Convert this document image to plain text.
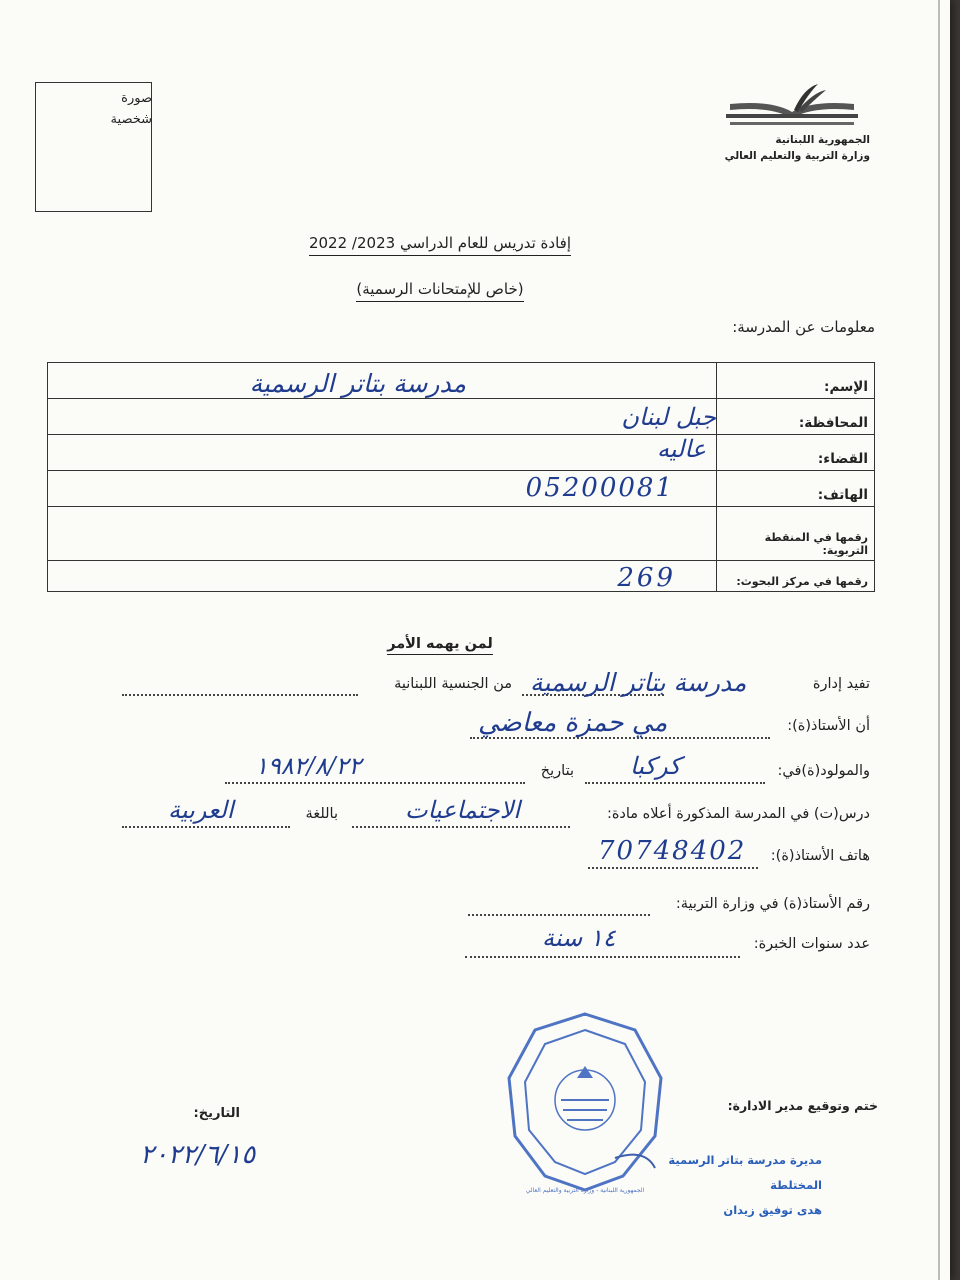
صورة
شخصية
الجمهورية اللبنانية
وزارة التربية والتعليم العالي
إفادة تدريس للعام الدراسي 2023/ 2022
(خاص للإمتحانات الرسمية)
معلومات عن المدرسة:
الإسم:	مدرسة بتاتر الرسمية

المحافظة:	جبل لبنان

القضاء:	عاليه

الهاتف:	05200081

رقمها في المنقطة التربوية:	
رقمها في مركز البحوث:	269
لمن يهمه الأمر
تفيد إدارة
من الجنسية اللبنانية مدرسة بتاتر الرسمية
أن الأستاذ(ة):
مي حمزة معاضي
والمولود(ة)في:
كركبا
بتاريخ
١٩٨٢/٨/٢٢
درس(ت) في المدرسة المذكورة أعلاه مادة:
الاجتماعيات
باللغة
العربية
هاتف الأستاذ(ة):
70748402
رقم الأستاذ(ة) في وزارة التربية:
عدد سنوات الخبرة:
١٤ سنة
الجمهورية اللبنانية - وزارة التربية والتعليم العالي
ختم وتوقيع مدير الادارة:
التاريخ:
٢٠٢٢/٦/١٥	مديرة مدرسة بتاتر الرسمية المختلطة
هدى توفيق زيدان
